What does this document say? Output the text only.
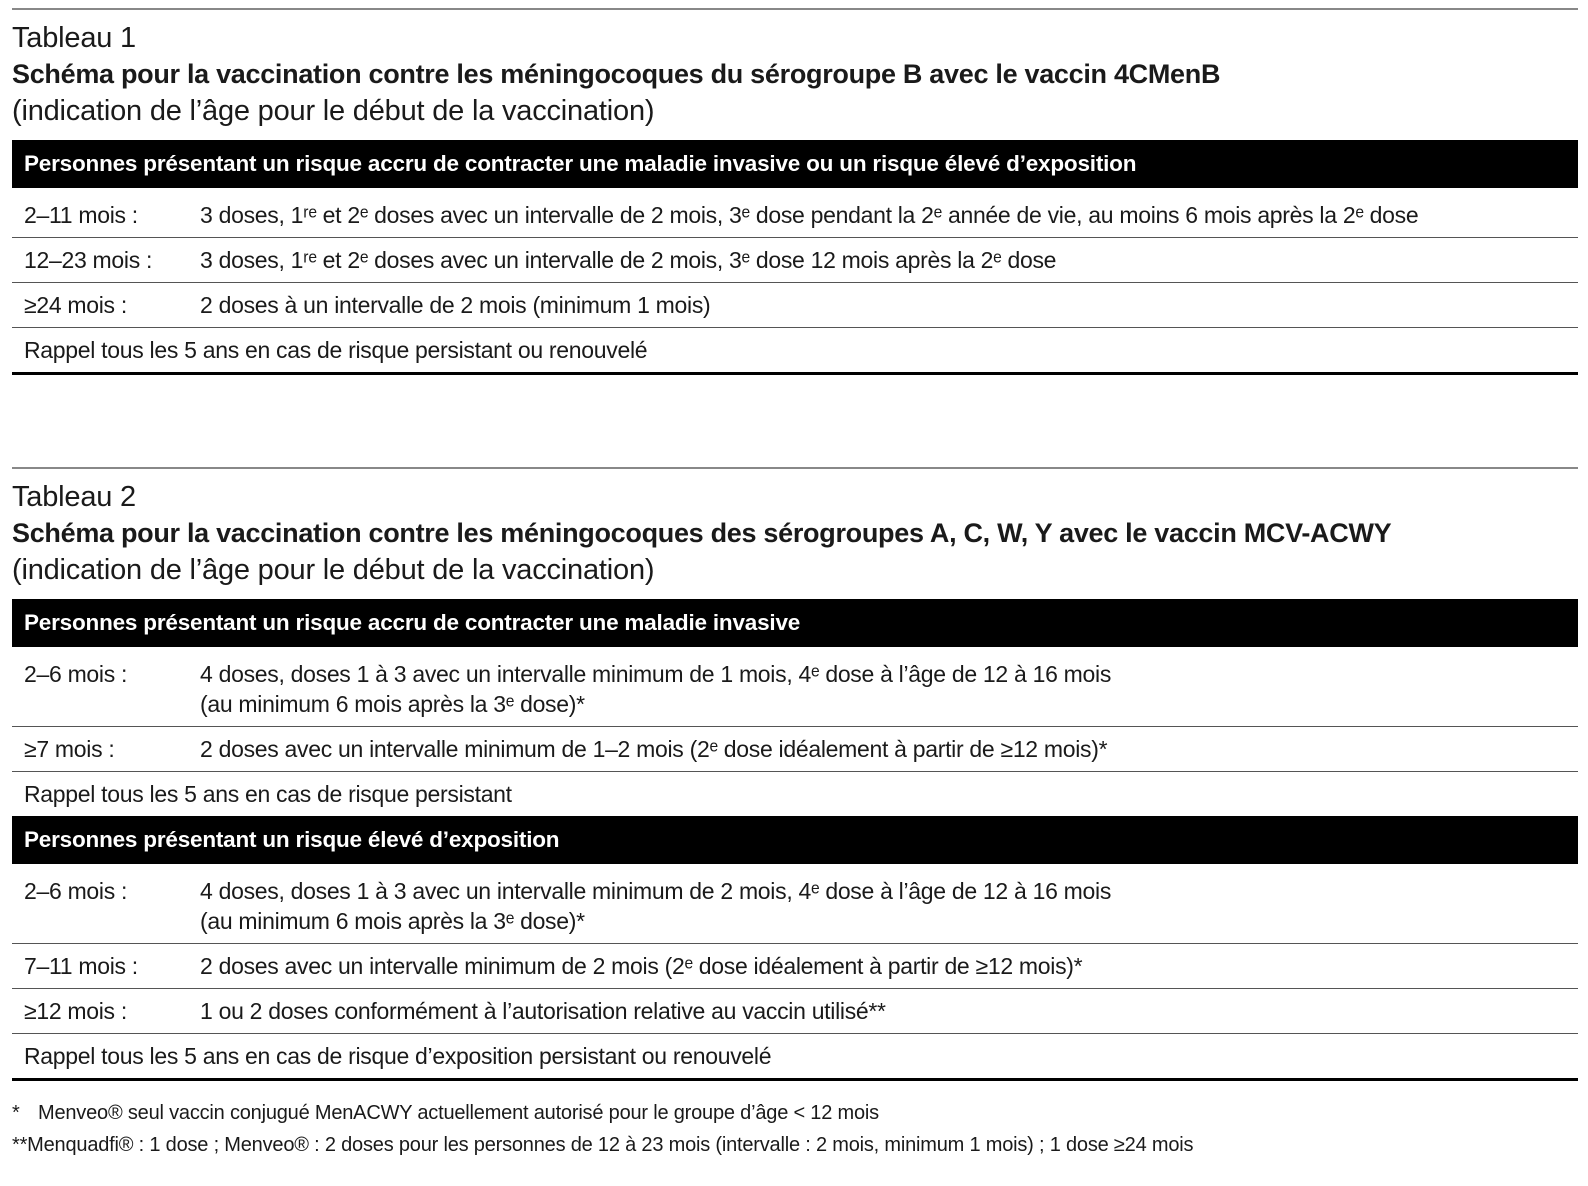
Tableau 1
Schéma pour la vaccination contre les méningocoques du sérogroupe B avec le vaccin 4CMenB
(indication de l’âge pour le début de la vaccination)
Personnes présentant un risque accru de contracter une maladie invasive ou un risque élevé d’exposition
2–11 mois :	3 doses, 1ʳᵉ et 2ᵉ doses avec un intervalle de 2 mois, 3ᵉ dose pendant la 2ᵉ année de vie, au moins 6 mois après la 2ᵉ dose
12–23 mois :	3 doses, 1ʳᵉ et 2ᵉ doses avec un intervalle de 2 mois, 3ᵉ dose 12 mois après la 2ᵉ dose
≥24 mois :	2 doses à un intervalle de 2 mois (minimum 1 mois)
Rappel tous les 5 ans en cas de risque persistant ou renouvelé
Tableau 2
Schéma pour la vaccination contre les méningocoques des sérogroupes A, C, W, Y avec le vaccin MCV-ACWY
(indication de l’âge pour le début de la vaccination)
Personnes présentant un risque accru de contracter une maladie invasive
2–6 mois :	4 doses, doses 1 à 3 avec un intervalle minimum de 1 mois, 4ᵉ dose à l’âge de 12 à 16 mois
(au minimum 6 mois après la 3ᵉ dose)*
≥7 mois :	2 doses avec un intervalle minimum de 1–2 mois (2ᵉ dose idéalement à partir de ≥12 mois)*
Rappel tous les 5 ans en cas de risque persistant
Personnes présentant un risque élevé d’exposition
2–6 mois :	4 doses, doses 1 à 3 avec un intervalle minimum de 2 mois, 4ᵉ dose à l’âge de 12 à 16 mois
(au minimum 6 mois après la 3ᵉ dose)*
7–11 mois :	2 doses avec un intervalle minimum de 2 mois (2ᵉ dose idéalement à partir de ≥12 mois)*
≥12 mois :	1 ou 2 doses conformément à l’autorisation relative au vaccin utilisé**
Rappel tous les 5 ans en cas de risque d’exposition persistant ou renouvelé
* Menveo® seul vaccin conjugué MenACWY actuellement autorisé pour le groupe d’âge < 12 mois
**Menquadfi® : 1 dose ; Menveo® : 2 doses pour les personnes de 12 à 23 mois (intervalle : 2 mois, minimum 1 mois) ; 1 dose ≥24 mois
